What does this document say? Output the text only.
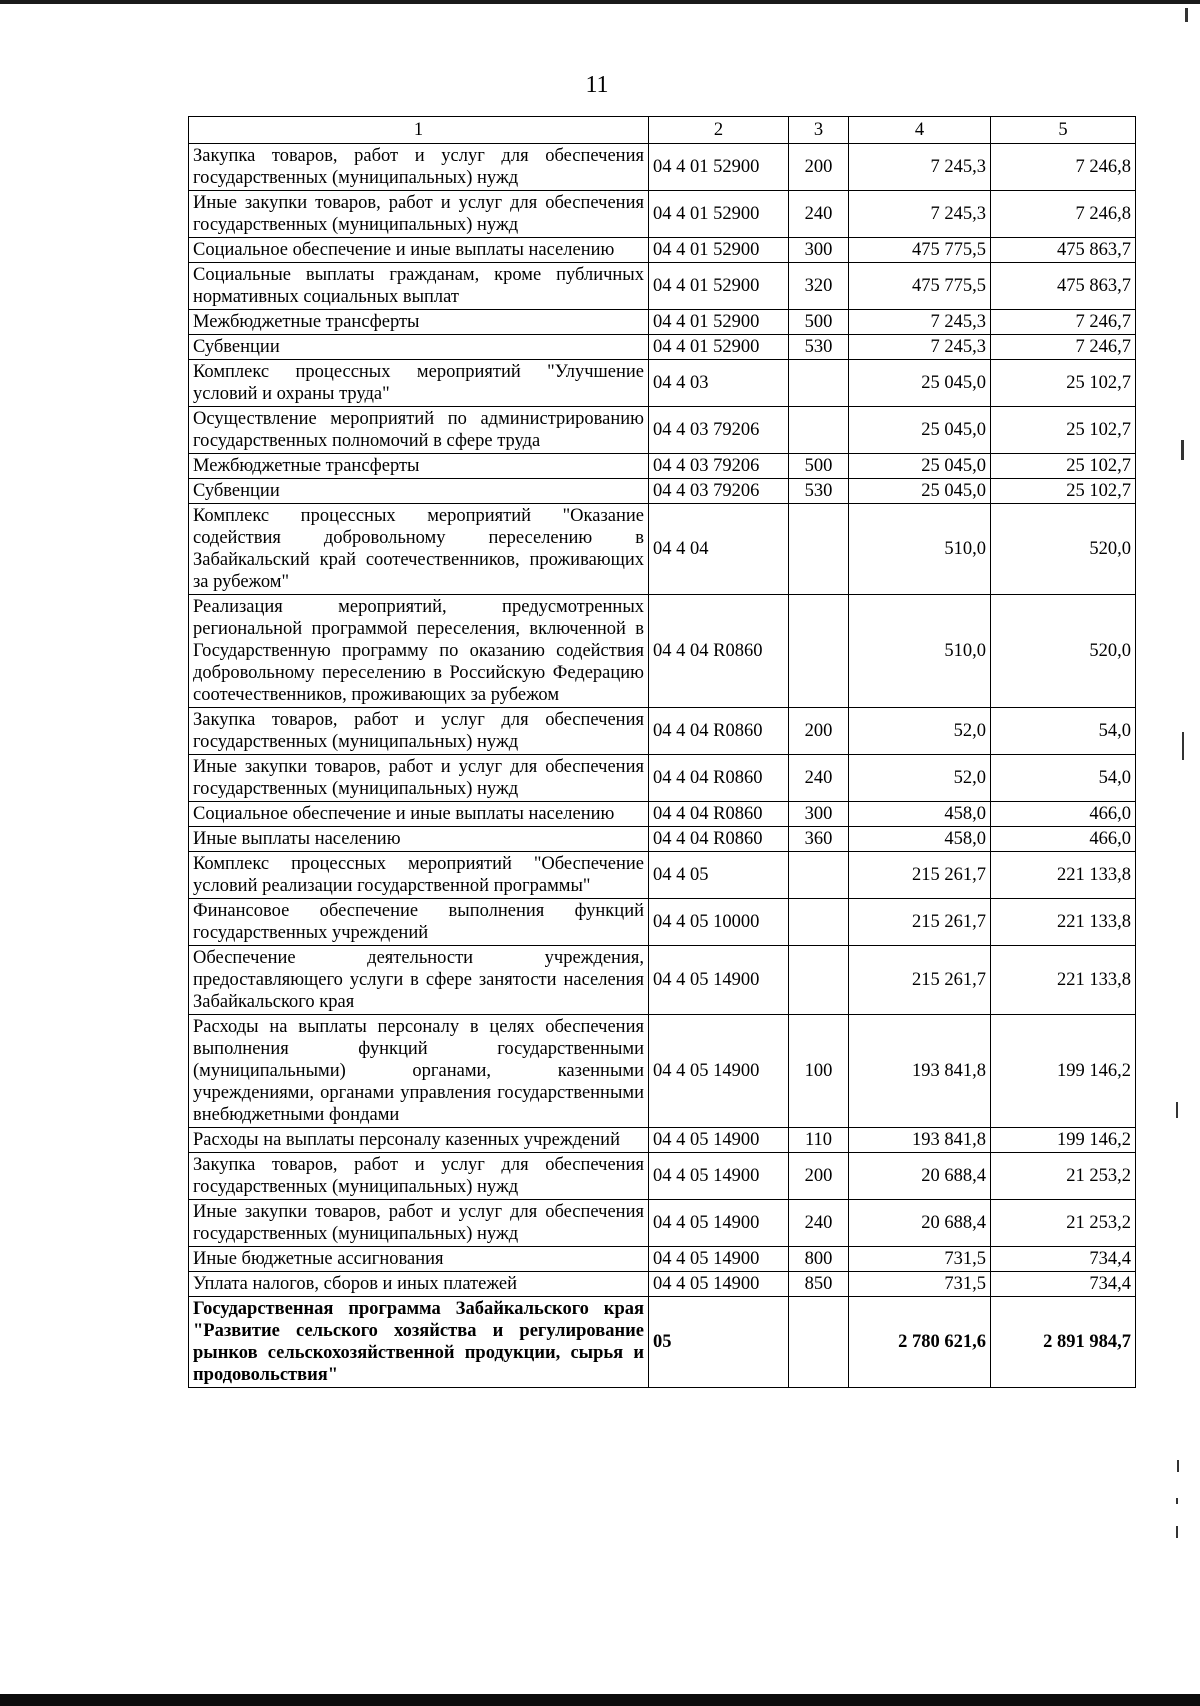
11
1	2	3	4	5
Закупка товаров, работ и услуг для обеспечения государственных (муниципальных) нужд	04 4 01 52900	200	7 245,3	7 246,8
Иные закупки товаров, работ и услуг для обеспечения государственных (муниципальных) нужд	04 4 01 52900	240	7 245,3	7 246,8
Социальное обеспечение и иные выплаты населению	04 4 01 52900	300	475 775,5	475 863,7
Социальные выплаты гражданам, кроме публичных нормативных социальных выплат	04 4 01 52900	320	475 775,5	475 863,7
Межбюджетные трансферты	04 4 01 52900	500	7 245,3	7 246,7
Субвенции	04 4 01 52900	530	7 245,3	7 246,7
Комплекс процессных мероприятий "Улучшение условий и охраны труда"	04 4 03		25 045,0	25 102,7
Осуществление мероприятий по администрированию государственных полномочий в сфере труда	04 4 03 79206		25 045,0	25 102,7
Межбюджетные трансферты	04 4 03 79206	500	25 045,0	25 102,7
Субвенции	04 4 03 79206	530	25 045,0	25 102,7
Комплекс процессных мероприятий "Оказание содействия добровольному переселению в Забайкальский край соотечественников, проживающих за рубежом"	04 4 04		510,0	520,0
Реализация мероприятий, предусмотренных региональной программой переселения, включенной в Государственную программу по оказанию содействия добровольному переселению в Российскую Федерацию соотечественников, проживающих за рубежом	04 4 04 R0860		510,0	520,0
Закупка товаров, работ и услуг для обеспечения государственных (муниципальных) нужд	04 4 04 R0860	200	52,0	54,0
Иные закупки товаров, работ и услуг для обеспечения государственных (муниципальных) нужд	04 4 04 R0860	240	52,0	54,0
Социальное обеспечение и иные выплаты населению	04 4 04 R0860	300	458,0	466,0
Иные выплаты населению	04 4 04 R0860	360	458,0	466,0
Комплекс процессных мероприятий "Обеспечение условий реализации государственной программы"	04 4 05		215 261,7	221 133,8
Финансовое обеспечение выполнения функций государственных учреждений	04 4 05 10000		215 261,7	221 133,8
Обеспечение деятельности учреждения, предоставляющего услуги в сфере занятости населения Забайкальского края	04 4 05 14900		215 261,7	221 133,8
Расходы на выплаты персоналу в целях обеспечения выполнения функций государственными (муниципальными) органами, казенными учреждениями, органами управления государственными внебюджетными фондами	04 4 05 14900	100	193 841,8	199 146,2
Расходы на выплаты персоналу казенных учреждений	04 4 05 14900	110	193 841,8	199 146,2
Закупка товаров, работ и услуг для обеспечения государственных (муниципальных) нужд	04 4 05 14900	200	20 688,4	21 253,2
Иные закупки товаров, работ и услуг для обеспечения государственных (муниципальных) нужд	04 4 05 14900	240	20 688,4	21 253,2
Иные бюджетные ассигнования	04 4 05 14900	800	731,5	734,4
Уплата налогов, сборов и иных платежей	04 4 05 14900	850	731,5	734,4
Государственная программа Забайкальского края "Развитие сельского хозяйства и регулирование рынков сельскохозяйственной продукции, сырья и продовольствия"	05		2 780 621,6	2 891 984,7
